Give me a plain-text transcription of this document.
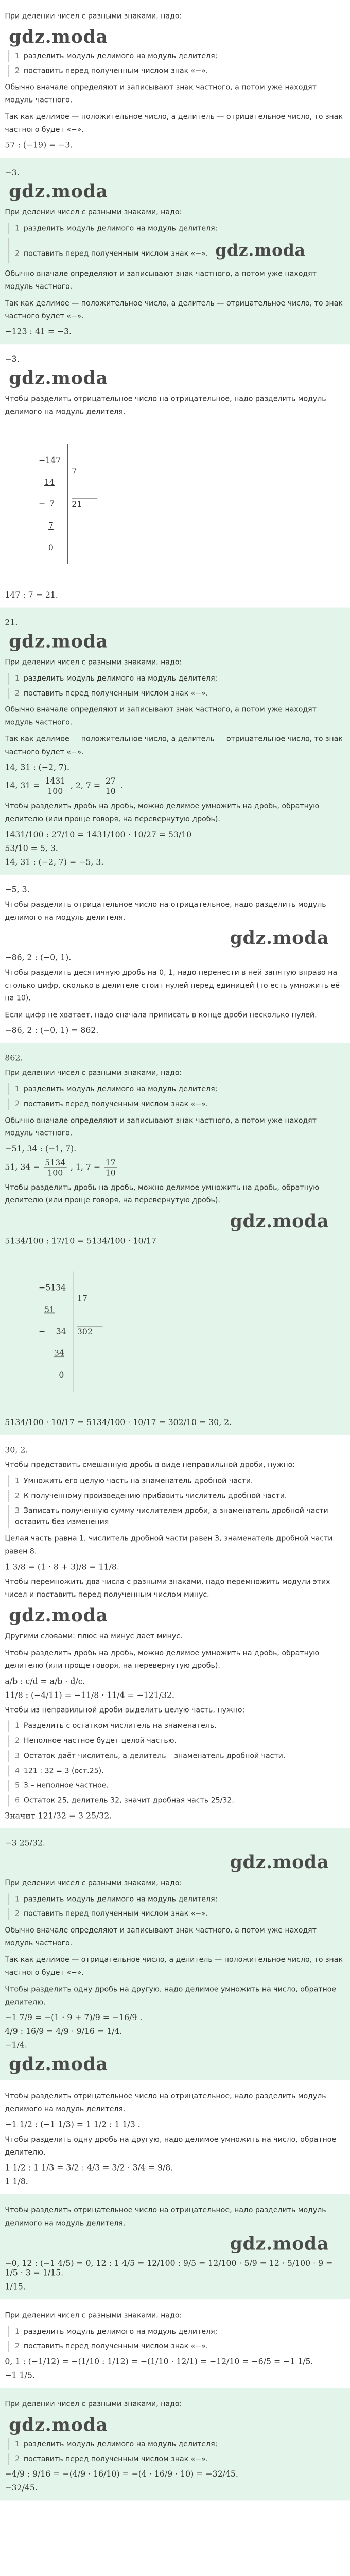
При делении чисел с разными знаками, надо:

gdz.moda
1 разделить модуль делимого на модуль делителя;
2 поставить перед полученным числом знак «−».

Обычно вначале определяют и записывают знак частного, а потом уже находят модуль частного.

Так как делимое — положительное число, а делитель — отрицательное число, то знак частного будет «−».

57 : (−19) = −3.
−3.
gdz.moda

При делении чисел с разными знаками, надо:

1 разделить модуль делимого на модуль делителя;
2 поставить перед полученным числом знак «−». gdz.moda

Обычно вначале определяют и записывают знак частного, а потом уже находят модуль частного.

Так как делимое — положительное число, а делитель — отрицательное число, то знак частного будет «−».

−123 : 41 = −3.
−3.
gdz.moda

Чтобы разделить отрицательное число на отрицательное, надо разделить модуль делимого на модуль делителя.

−147

14

− 7

7

0

7

21

147 : 7 = 21.
21.
gdz.moda

При делении чисел с разными знаками, надо:

1 разделить модуль делимого на модуль делителя;
2 поставить перед полученным числом знак «−».

Обычно вначале определяют и записывают знак частного, а потом уже находят модуль частного.

Так как делимое — положительное число, а делитель — отрицательное число, то знак частного будет «−».

14, 31 : (−2, 7).
14, $31 = \frac{1431}{100}$ , 2, $7 = \frac{27}{10}$ .

Чтобы разделить дробь на дробь, можно делимое умножить на дробь, обратную делителю (или проще говоря, на перевернутую дробь).

1431/100 : 27/10 = 1431/100 · 10/27 = 53/10
53/10 = 5, 3.
14, 31 : (−2, 7) = −5, 3.
−5, 3.

Чтобы разделить отрицательное число на отрицательное, надо разделить модуль делимого на модуль делителя.

gdz.moda
−86, 2 : (−0, 1).

Чтобы разделить десятичную дробь на 0, 1, надо перенести в ней запятую вправо на столько цифр, сколько в делителе стоит нулей перед единицей (то есть умножить её на 10).

Если цифр не хватает, надо сначала приписать в конце дроби несколько нулей.

−86, 2 : (−0, 1) = 862.
862.

При делении чисел с разными знаками, надо:

1 разделить модуль делимого на модуль делителя;
2 поставить перед полученным числом знак «−».

Обычно вначале определяют и записывают знак частного, а потом уже находят модуль частного.

−51, 34 : (−1, 7).
51, $34 = \frac{5134}{100}$ , 1, $7 = \frac{17}{10}$

Чтобы разделить дробь на дробь, можно делимое умножить на дробь, обратную делителю (или проще говоря, на перевернутую дробь).

gdz.moda
5134/100 : 17/10 = 5134/100 · 10/17

−5134

51

− 34

34

0

17

302

5134/100 · 10/17 = 5134/100 · 10/17 = 302/10 = 30, 2.
30, 2.

Чтобы представить смешанную дробь в виде неправильной дроби, нужно:

1 Умножить его целую часть на знаменатель дробной части.
2 К полученному произведению прибавить числитель дробной части.
3 Записать полученную сумму числителем дроби, а знаменатель дробной части оставить без изменения

Целая часть равна 1, числитель дробной части равен 3, знаменатель дробной части равен 8.

1 3/8 = (1 · 8 + 3)/8 = 11/8.

Чтобы перемножить два числа с разными знаками, надо перемножить модули этих чисел и поставить перед полученным числом минус.

gdz.moda

Другими словами: плюс на минус дает минус.

Чтобы разделить дробь на дробь, можно делимое умножить на дробь, обратную делителю (или проще говоря, на перевернутую дробь).

a/b : c/d = a/b · d/c.
11/8 : (−4/11) = −11/8 · 11/4 = −121/32.

Чтобы из неправильной дроби выделить целую часть, нужно:

1 Разделить с остатком числитель на знаменатель.
2 Неполное частное будет целой частью.
3 Остаток даёт числитель, а делитель – знаменатель дробной части.
4 121 : 32 = 3 (ост.25).
5 3 – неполное частное.
6 Остаток 25, делитель 32, значит дробная часть 25/32.
Значит 121/32 = 3 25/32.
−3 25/32.
gdz.moda

При делении чисел с разными знаками, надо:

1 разделить модуль делимого на модуль делителя;
2 поставить перед полученным числом знак «−».

Обычно вначале определяют и записывают знак частного, а потом уже находят модуль частного.

Так как делимое — отрицательное число, а делитель — положительное число, то знак частного будет «−».

Чтобы разделить одну дробь на другую, надо делимое умножить на число, обратное делителю.

−1 7/9 = −(1 · 9 + 7)/9 = −16/9 .
4/9 : 16/9 = 4/9 · 9/16 = 1/4.
−1/4.
gdz.moda

Чтобы разделить отрицательное число на отрицательное, надо разделить модуль делимого на модуль делителя.

−1 1/2 : (−1 1/3) = 1 1/2 : 1 1/3 .

Чтобы разделить одну дробь на другую, надо делимое умножить на число, обратное делителю.

1 1/2 : 1 1/3 = 3/2 : 4/3 = 3/2 · 3/4 = 9/8.
1 1/8.

Чтобы разделить отрицательное число на отрицательное, надо разделить модуль делимого на модуль делителя.

gdz.moda
−0, 12 : (−1 4/5) = 0, 12 : 1 4/5 = 12/100 : 9/5 = 12/100 · 5/9 = 12 · 5/100 · 9 = 1/5 · 3 = 1/15.
1/15.

При делении чисел с разными знаками, надо:

1 разделить модуль делимого на модуль делителя;
2 поставить перед полученным числом знак «−».
0, 1 : (−1/12) = −(1/10 : 1/12) = −(1/10 · 12/1) = −12/10 = −6/5 = −1 1/5.
−1 1/5.

При делении чисел с разными знаками, надо:

gdz.moda
1 разделить модуль делимого на модуль делителя;
2 поставить перед полученным числом знак «−».
−4/9 : 9/16 = −(4/9 · 16/10) = −(4 · 16/9 · 10) = −32/45.
−32/45.
